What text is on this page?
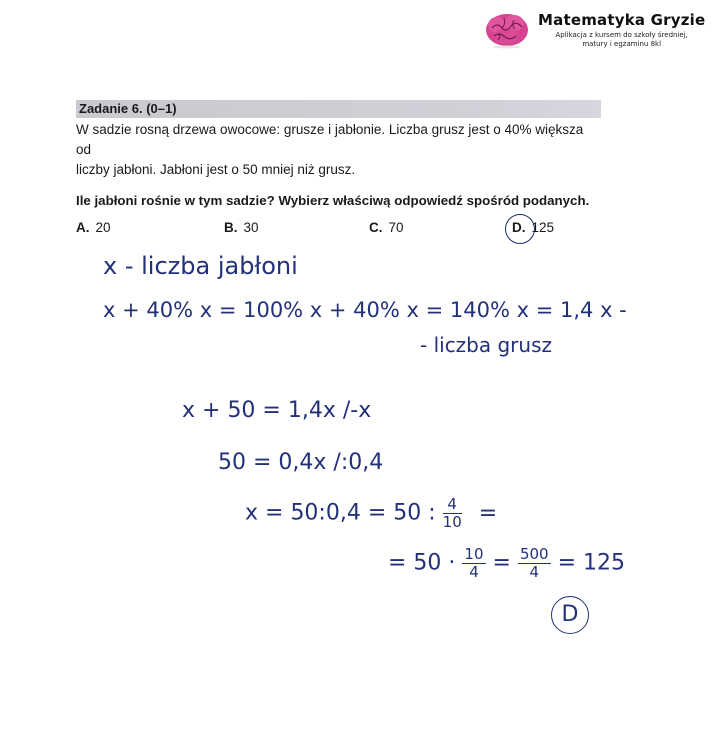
Matematyka Gryzie
Aplikacja z kursem do szkoły średniej,
matury i egzaminu 8kl
Zadanie 6. (0–1)
W sadzie rosną drzewa owocowe: grusze i jabłonie. Liczba grusz jest o 40% większa od
liczby jabłoni. Jabłoni jest o 50 mniej niż grusz.
Ile jabłoni rośnie w tym sadzie? Wybierz właściwą odpowiedź spośród podanych.
A. 20	B. 30	C. 70	D. 125
x - liczba jabłoni
x + 40% x = 100% x + 40% x = 140% x = 1,4 x -
- liczba grusz
x + 50 = 1,4x /-x
50 = 0,4x /:0,4
x = 50:0,4 = 50 : $\frac{4}{10}$ =
= $50 \cdot \frac{10}{4} = \frac{500}{4} = 125$
D
